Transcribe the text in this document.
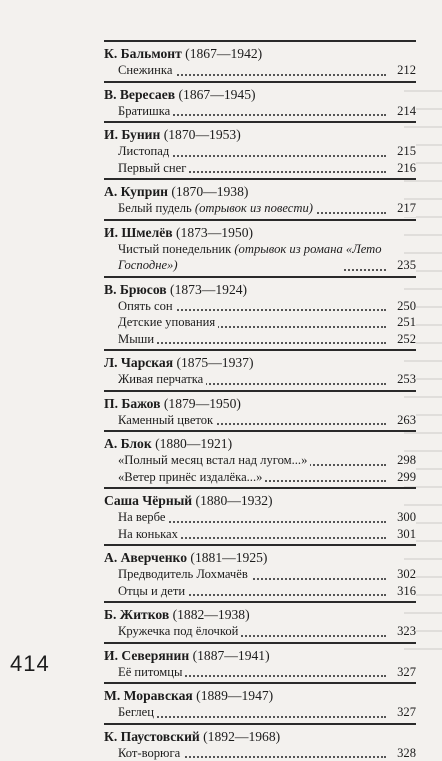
К. Бальмонт (1867—1942)
Снежинка	212
В. Вересаев (1867—1945)
Братишка	214
И. Бунин (1870—1953)
Листопад	215
Первый снег	216
А. Куприн (1870—1938)
Белый пудель (отрывок из повести)	217
И. Шмелёв (1873—1950)
Чистый понедельник (отрывок из романа «Лето Господне»)	235
В. Брюсов (1873—1924)
Опять сон	250
Детские упования	251
Мыши	252
Л. Чарская (1875—1937)
Живая перчатка	253
П. Бажов (1879—1950)
Каменный цветок	263
А. Блок (1880—1921)
«Полный месяц встал над лугом...»	298
«Ветер принёс издалёка...»	299
Саша Чёрный (1880—1932)
На вербе	300
На коньках	301
А. Аверченко (1881—1925)
Предводитель Лохмачёв	302
Отцы и дети	316
Б. Житков (1882—1938)
Кружечка под ёлочкой	323
И. Северянин (1887—1941)
Её питомцы	327
М. Моравская (1889—1947)
Беглец	327
К. Паустовский (1892—1968)
Кот-ворюга	328
414
